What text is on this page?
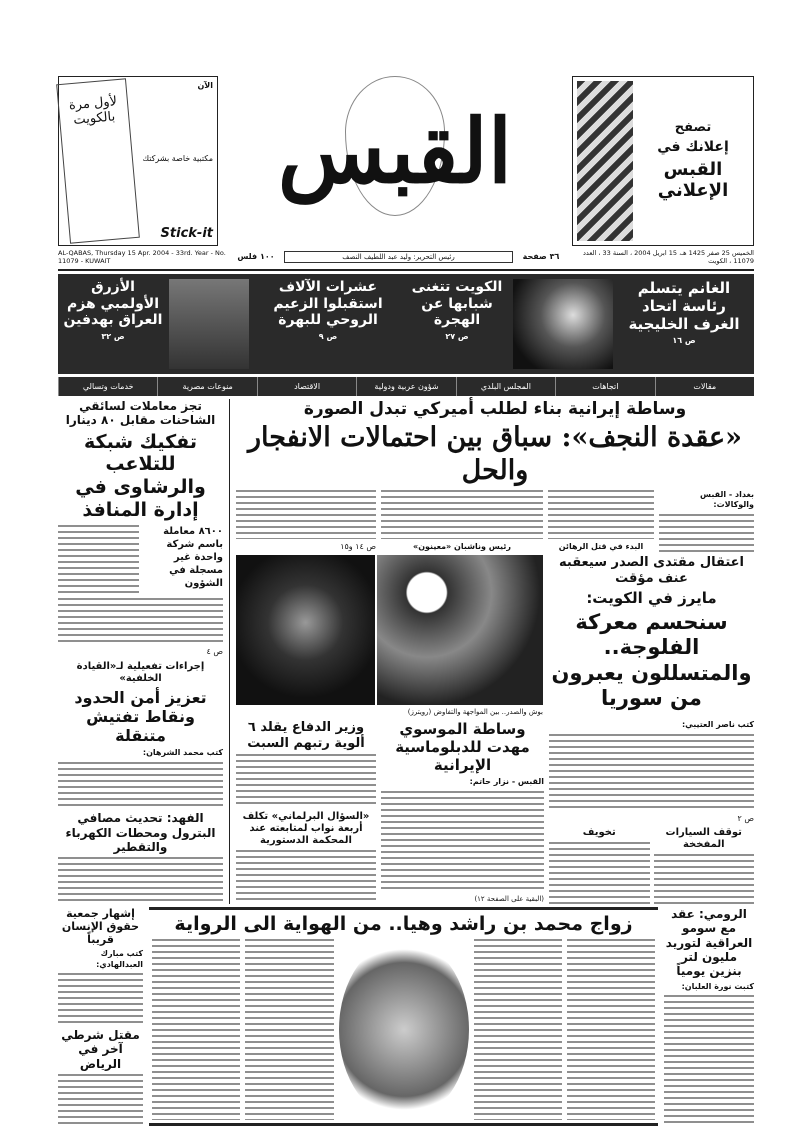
تصفح
إعلانك في
القبس الإعلاني
القبس
الآن
مكتبية خاصة بشركتك
Stick-it
لأول مرة بالكويت
الخميس 25 صفر 1425 هـ، 15 ابريل 2004 ، السنة 33 ، العدد 11079 ، الكويت
٣٦ صفحة
رئيس التحرير: وليد عبد اللطيف النصف
١٠٠ فلس
AL-QABAS, Thursday 15 Apr. 2004 - 33rd. Year - No. 11079 - KUWAIT
الغانم يتسلم رئاسة اتحاد الغرف الخليجية
ص ١٦
الكويت تتغنى شبابها عن الهجرة
ص ٢٧
عشرات الآلاف استقبلوا الزعيم الروحي للبهرة
ص ٩
الأزرق الأولمبي هزم العراق بهدفين
ص ٣٢
مقالات
اتجاهات
المجلس البلدي
شؤون عربية ودولية
الاقتصاد
منوعات مصرية
خدمات وتسالي
وساطة إيرانية بناء لطلب أميركي تبدل الصورة
«عقدة النجف»: سباق بين احتمالات الانفجار والحل
بغداد - القبس والوكالات:
البدء في قتل الرهائن
رئيس وناشبان «معينون»
ص ١٤ و١٥
اعتقال مقتدى الصدر سيعقبه عنف مؤقت
مايرز في الكويت:
سنحسم معركة الفلوجة.. والمتسللون يعبرون من سوريا
بوش والصدر.. بين المواجهة والتفاوض (رويترز)
كتب ناصر العتيبي:
ص ٢
توقف السيارات المفخخة
تخويف
وساطة الموسوي مهدت للدبلوماسية الإيرانية
القبس - نزار حاتم:
(البقية على الصفحة ١٢)
وزير الدفاع يقلد ٦ ألوية رتبهم السبت
«السؤال البرلماني» تكلف أربعة نواب لمتابعته عند المحكمة الدستورية
تجز معاملات لسائقي الشاحنات مقابل ٨٠ دينارا
تفكيك شبكة للتلاعب والرشاوى في إدارة المنافذ
٨٦٠٠ معاملة باسم شركة واحدة غير مسجلة في الشؤون
ص ٤
إجراءات تفعيلية لـ«القيادة الخلفية»
تعزيز أمن الحدود ونقاط تفتيش متنقلة
كتب محمد الشرهان:
الفهد: تحديث مصافي البترول ومحطات الكهرباء والتقطير
الرومي: عقد مع سومو العراقية لتوريد مليون لتر بنزين يومياً
كتبت نورة العلبان:
زواج محمد بن راشد وهيا.. من الهواية الى الرواية
إشهار جمعية حقوق الإنسان قريباً
كتب مبارك العبدالهادي:
مقتل شرطي آخر في الرياض
